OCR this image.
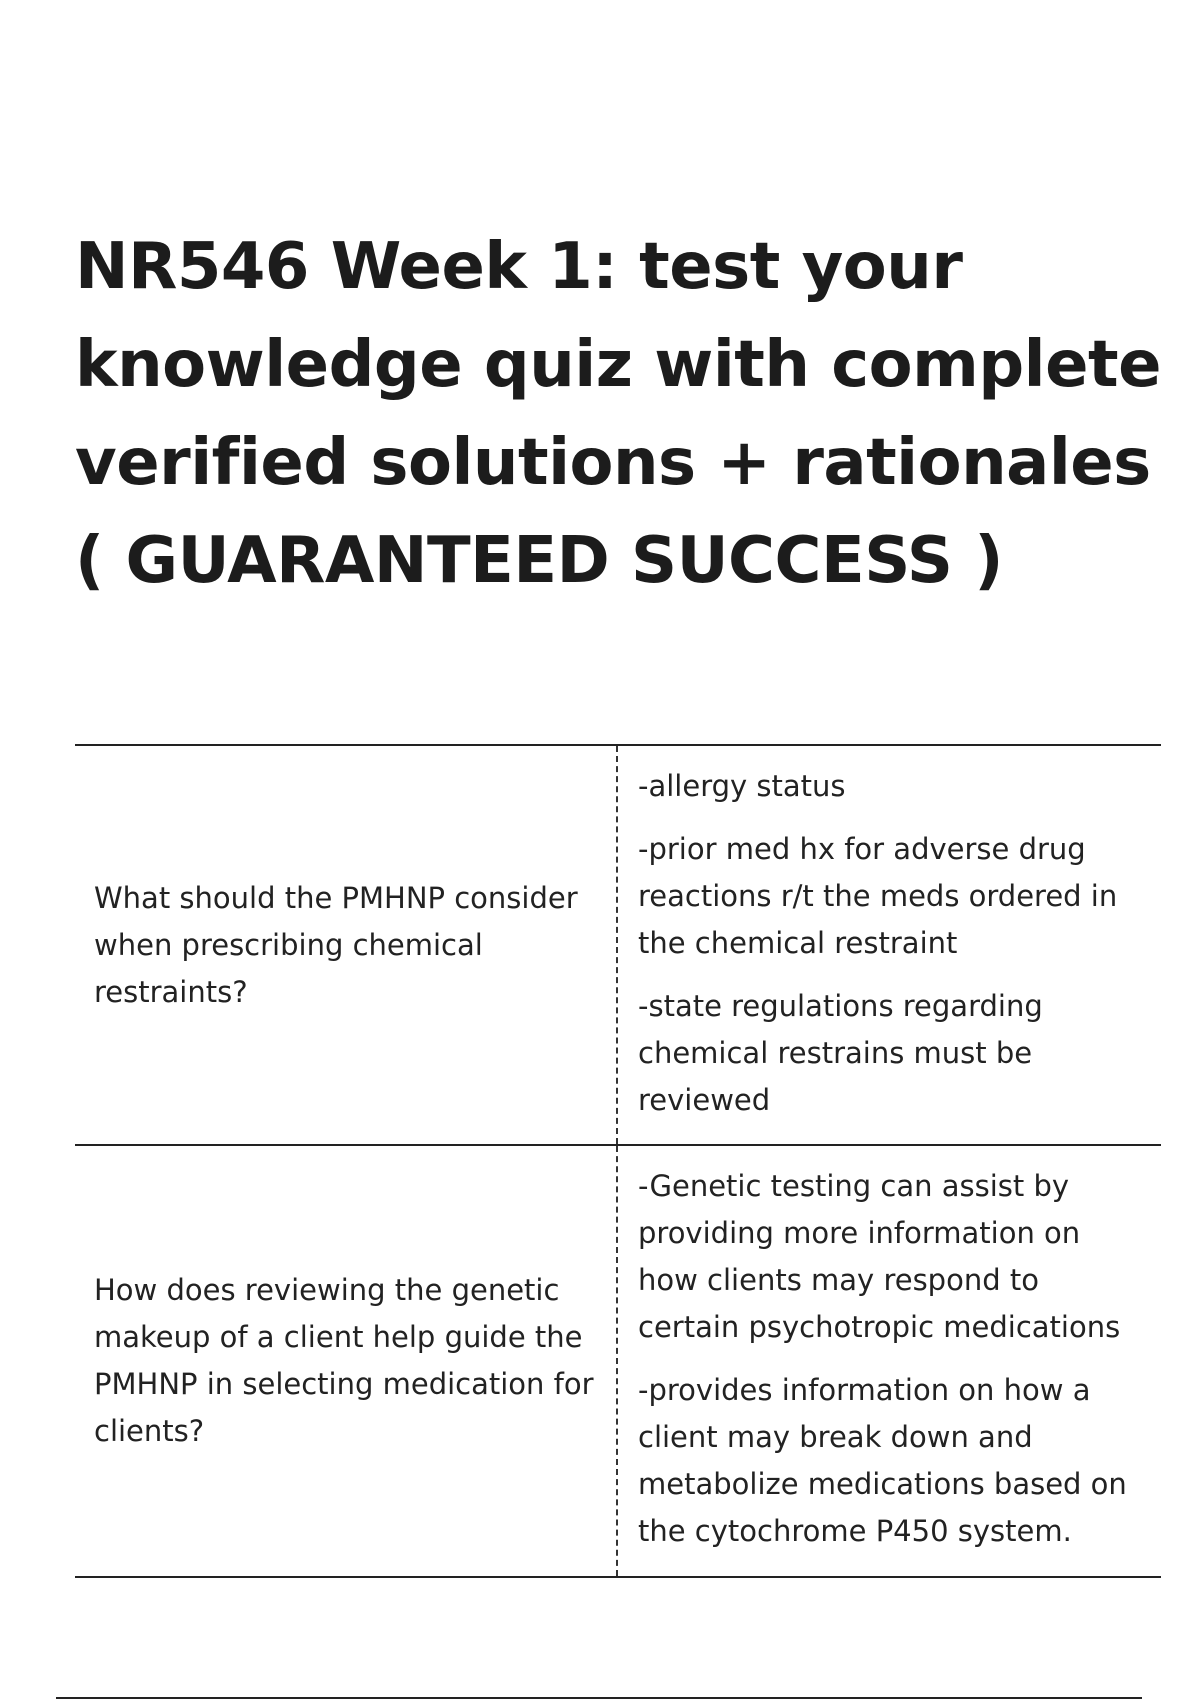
NR546 Week 1: test your knowledge quiz with complete verified solutions + rationales ( GUARANTEED SUCCESS )
What should the PMHNP consider when prescribing chemical restraints?	-allergy status

-prior med hx for adverse drug reactions r/t the meds ordered in the chemical restraint

-state regulations regarding chemical restrains must be reviewed

How does reviewing the genetic makeup of a client help guide the PMHNP in selecting medication for clients?	-Genetic testing can assist by providing more information on how clients may respond to certain psychotropic medications

-provides information on how a client may break down and metabolize medications based on the cytochrome P450 system.
